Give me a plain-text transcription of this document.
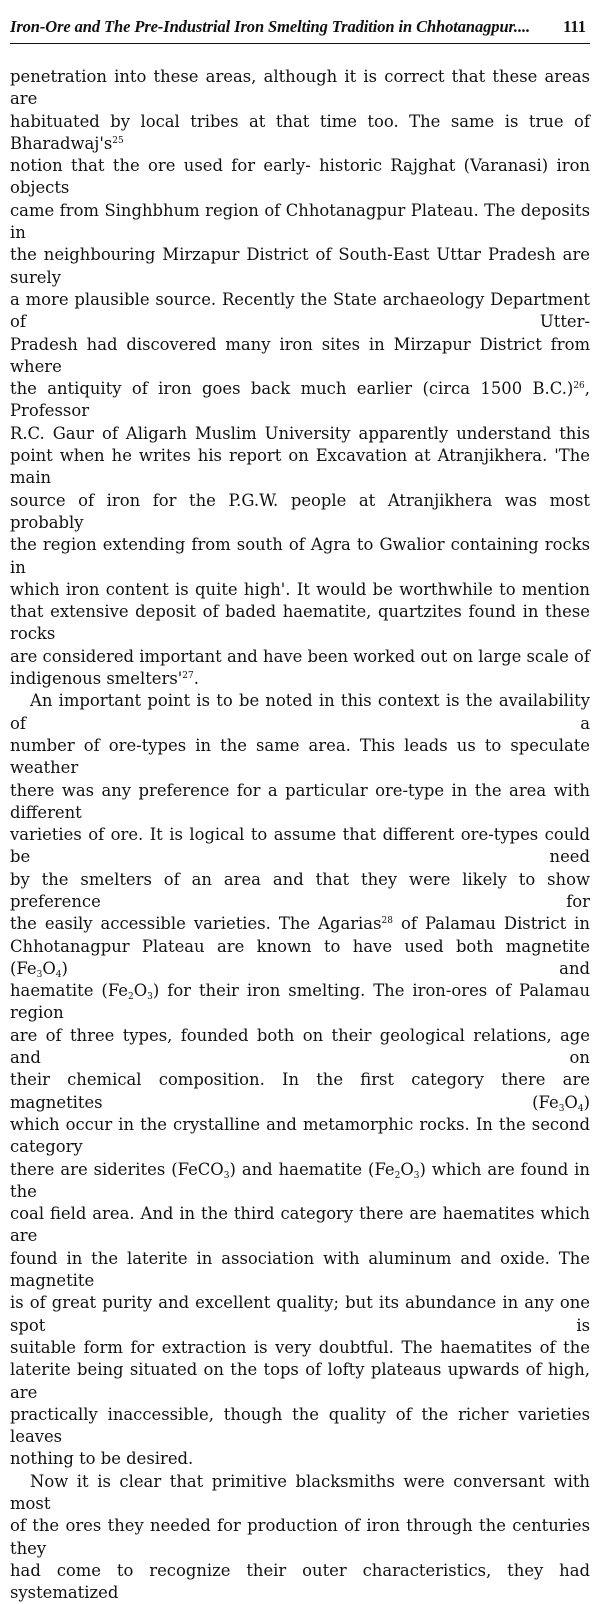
Iron-Ore and The Pre-Industrial Iron Smelting Tradition in Chhotanagpur.... 111

penetration into these areas, although it is correct that these areas are

habituated by local tribes at that time too. The same is true of $Bharadwaj's^{25}$

notion that the ore used for early- historic Rajghat (Varanasi) iron objects

came from Singhbhum region of Chhotanagpur Plateau. The deposits in

the neighbouring Mirzapur District of South-East Uttar Pradesh are surely

a more plausible source. Recently the State archaeology Department of Utter-

Pradesh had discovered many iron sites in Mirzapur District from where

the antiquity of iron goes back much earlier (circa 1500 B.C.)$^{26}$, Professor

R.C. Gaur of Aligarh Muslim University apparently understand this

point when he writes his report on Excavation at Atranjikhera. 'The main

source of iron for the P.G.W. people at Atranjikhera was most probably

the region extending from south of Agra to Gwalior containing rocks in

which iron content is quite high'. It would be worthwhile to mention

that extensive deposit of baded haematite, quartzites found in these rocks

are considered important and have been worked out on large scale of

indigenous $smelters'^{27}$.

An important point is to be noted in this context is the availability of a

number of ore-types in the same area. This leads us to speculate weather

there was any preference for a particular ore-type in the area with different

varieties of ore. It is logical to assume that different ore-types could be need

by the smelters of an area and that they were likely to show preference for

the easily accessible varieties. The Agarias$^{28}$ of Palamau District in

Chhotanagpur Plateau are known to have used both magnetite $(Fe_3O_4)$ and

haematite $(Fe_2O_3)$ for their iron smelting. The iron-ores of Palamau region

are of three types, founded both on their geological relations, age and on

their chemical composition. In the first category there are magnetites $(Fe_3O_4)$

which occur in the crystalline and metamorphic rocks. In the second category

there are siderites (FeCO$_3$) and haematite $(Fe_2O_3)$ which are found in the

coal field area. And in the third category there are haematites which are

found in the laterite in association with aluminum and oxide. The magnetite

is of great purity and excellent quality; but its abundance in any one spot is

suitable form for extraction is very doubtful. The haematites of the

laterite being situated on the tops of lofty plateaus upwards of high, are

practically inaccessible, though the quality of the richer varieties leaves

nothing to be desired.

Now it is clear that primitive blacksmiths were conversant with most

of the ores they needed for production of iron through the centuries they

had come to recognize their outer characteristics, they had systematized
